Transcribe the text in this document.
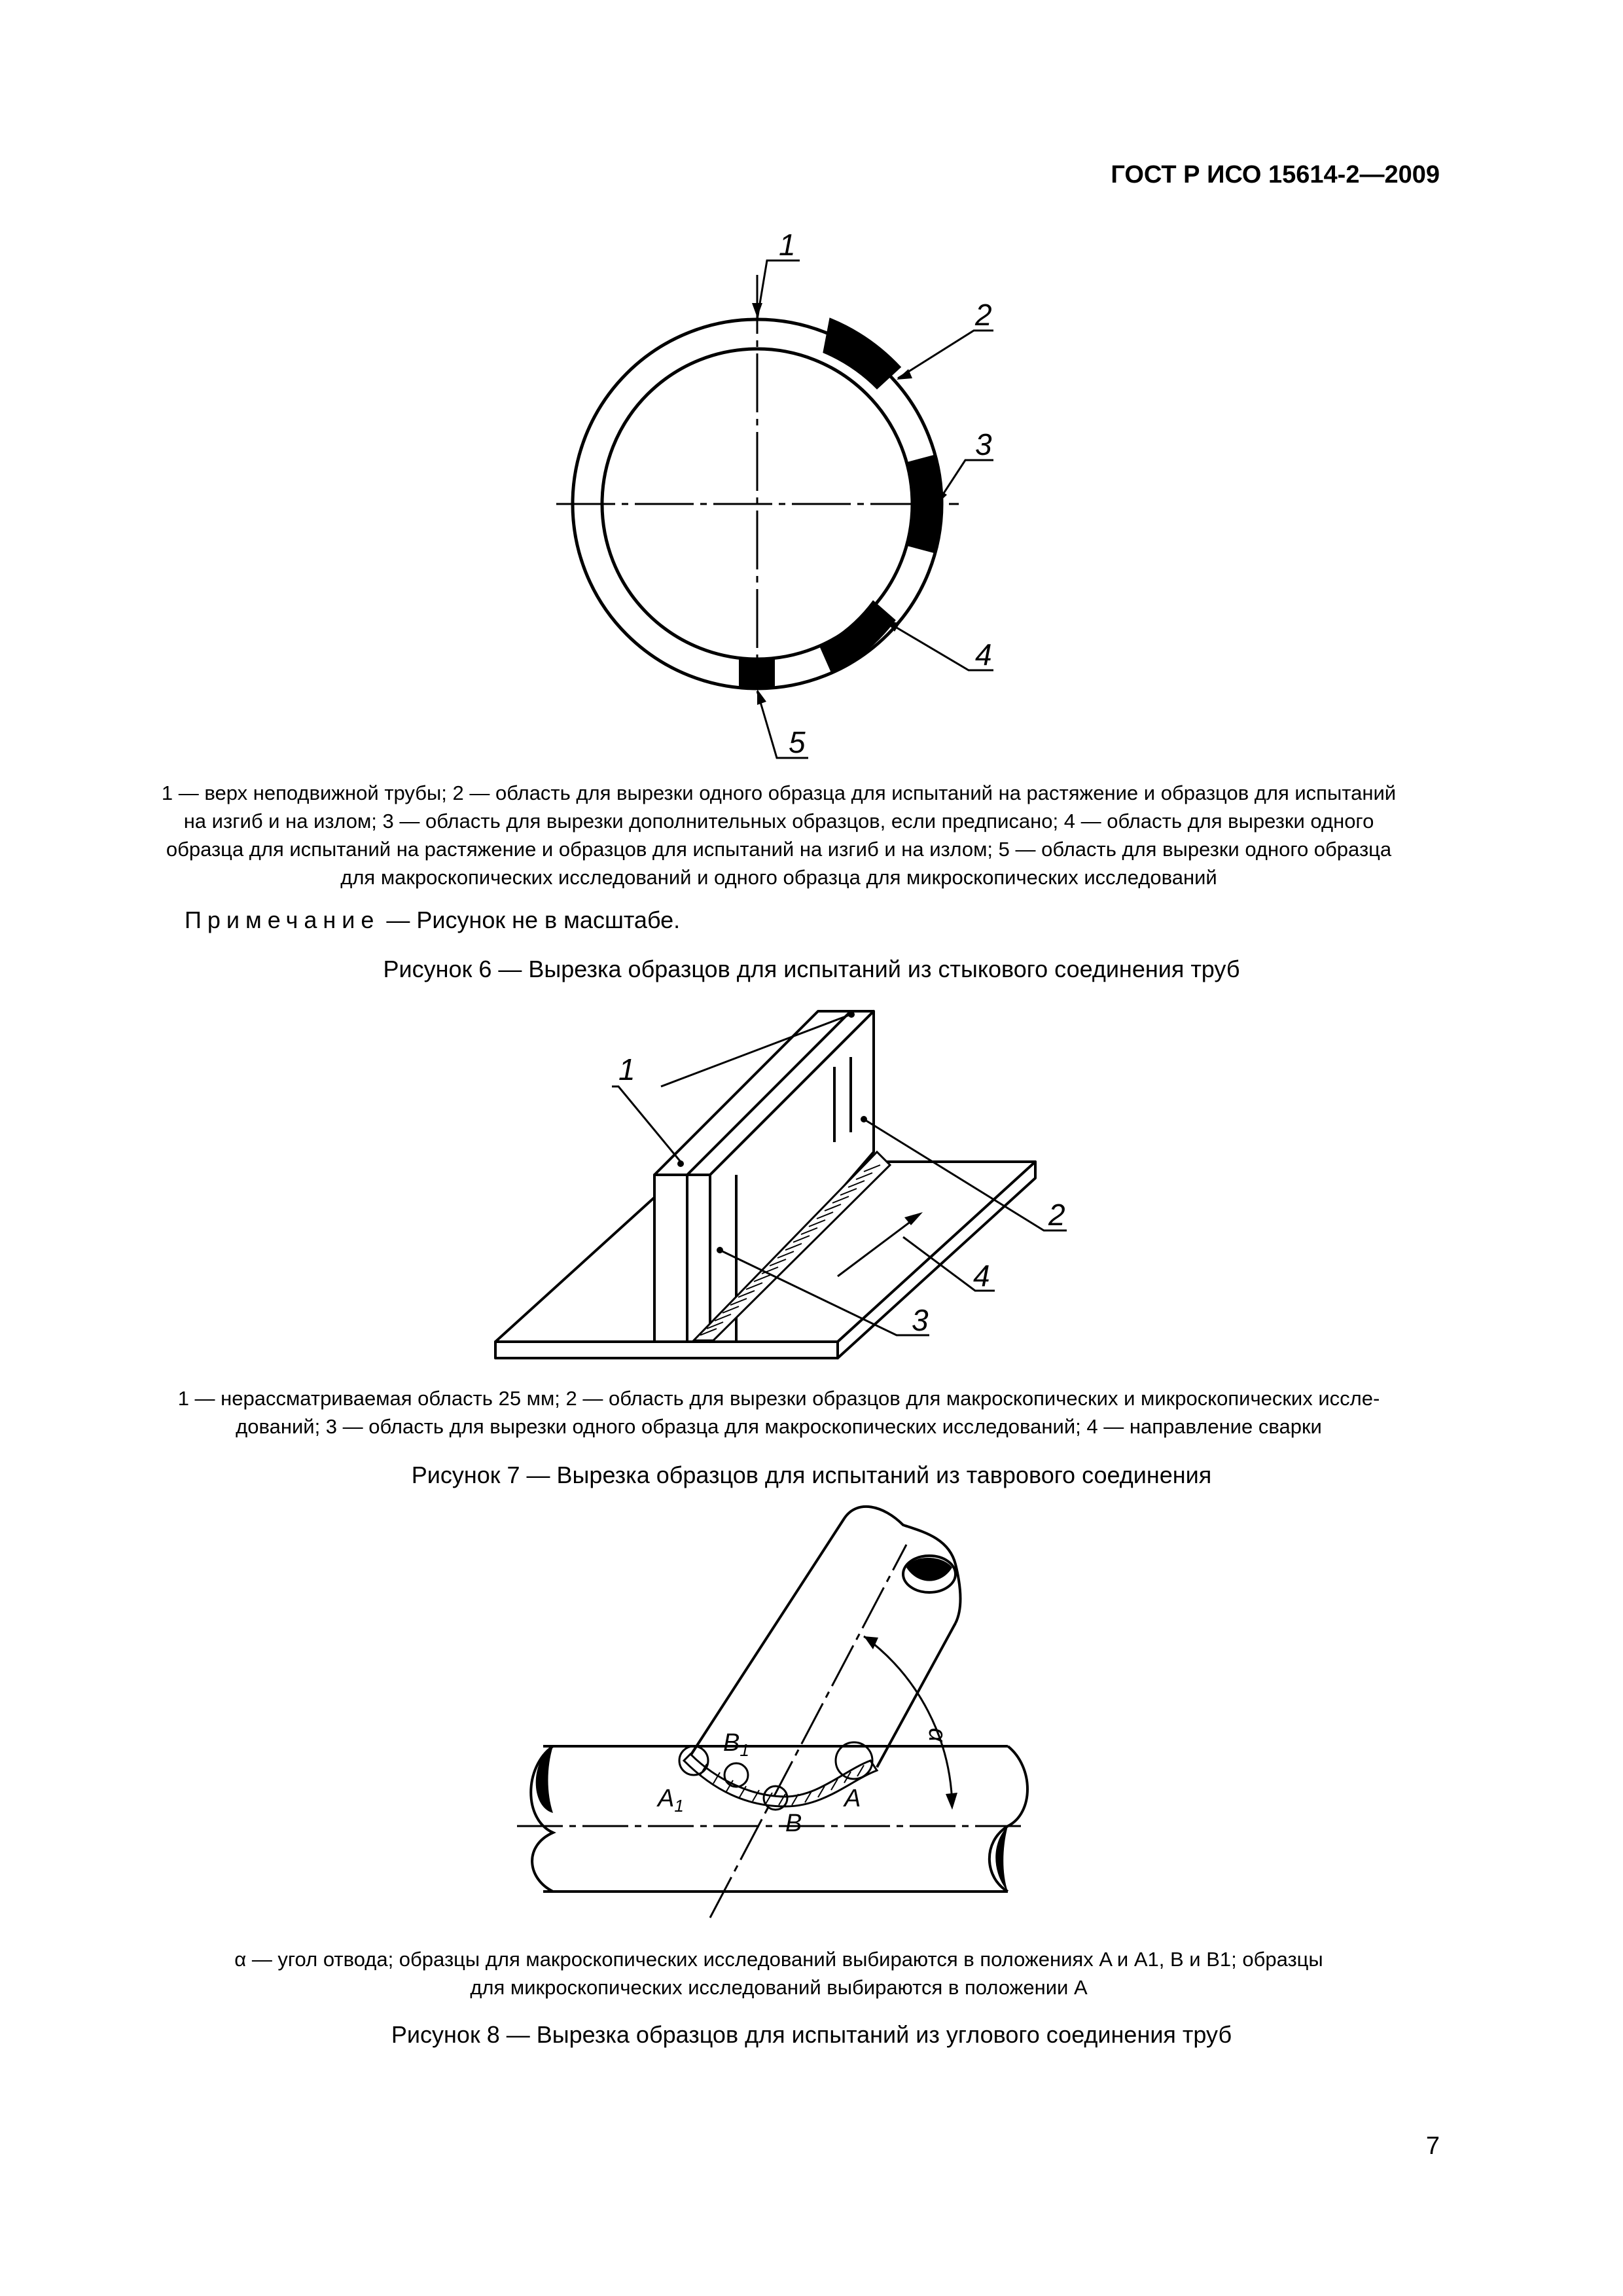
ГОСТ Р ИСО 15614-2—2009
1
2
3
4
5

1 — верх неподвижной трубы; 2 — область для вырезки одного образца для испытаний на растяжение и образцов для испытаний

на изгиб и на излом; 3 — область для вырезки дополнительных образцов, если предписано; 4 — область для вырезки одного

образца для испытаний на растяжение и образцов для испытаний на изгиб и на излом; 5 — область для вырезки одного образца

для макроскопических исследований и одного образца для микроскопических исследований

Примечание — Рисунок не в масштабе.
Рисунок 6 — Вырезка образцов для испытаний из стыкового соединения труб
1
2
4
3

1 — нерассматриваемая область 25 мм; 2 — область для вырезки образцов для макроскопических и микроскопических иссле-

дований; 3 — область для вырезки одного образца для макроскопических исследований; 4 — направление сварки

Рисунок 7 — Вырезка образцов для испытаний из таврового соединения
α
$A_1$
$B_1$
B
A

α — угол отвода; образцы для макроскопических исследований выбираются в положениях A и A1, B и B1; образцы

для микроскопических исследований выбираются в положении A

Рисунок 8 — Вырезка образцов для испытаний из углового соединения труб
7
